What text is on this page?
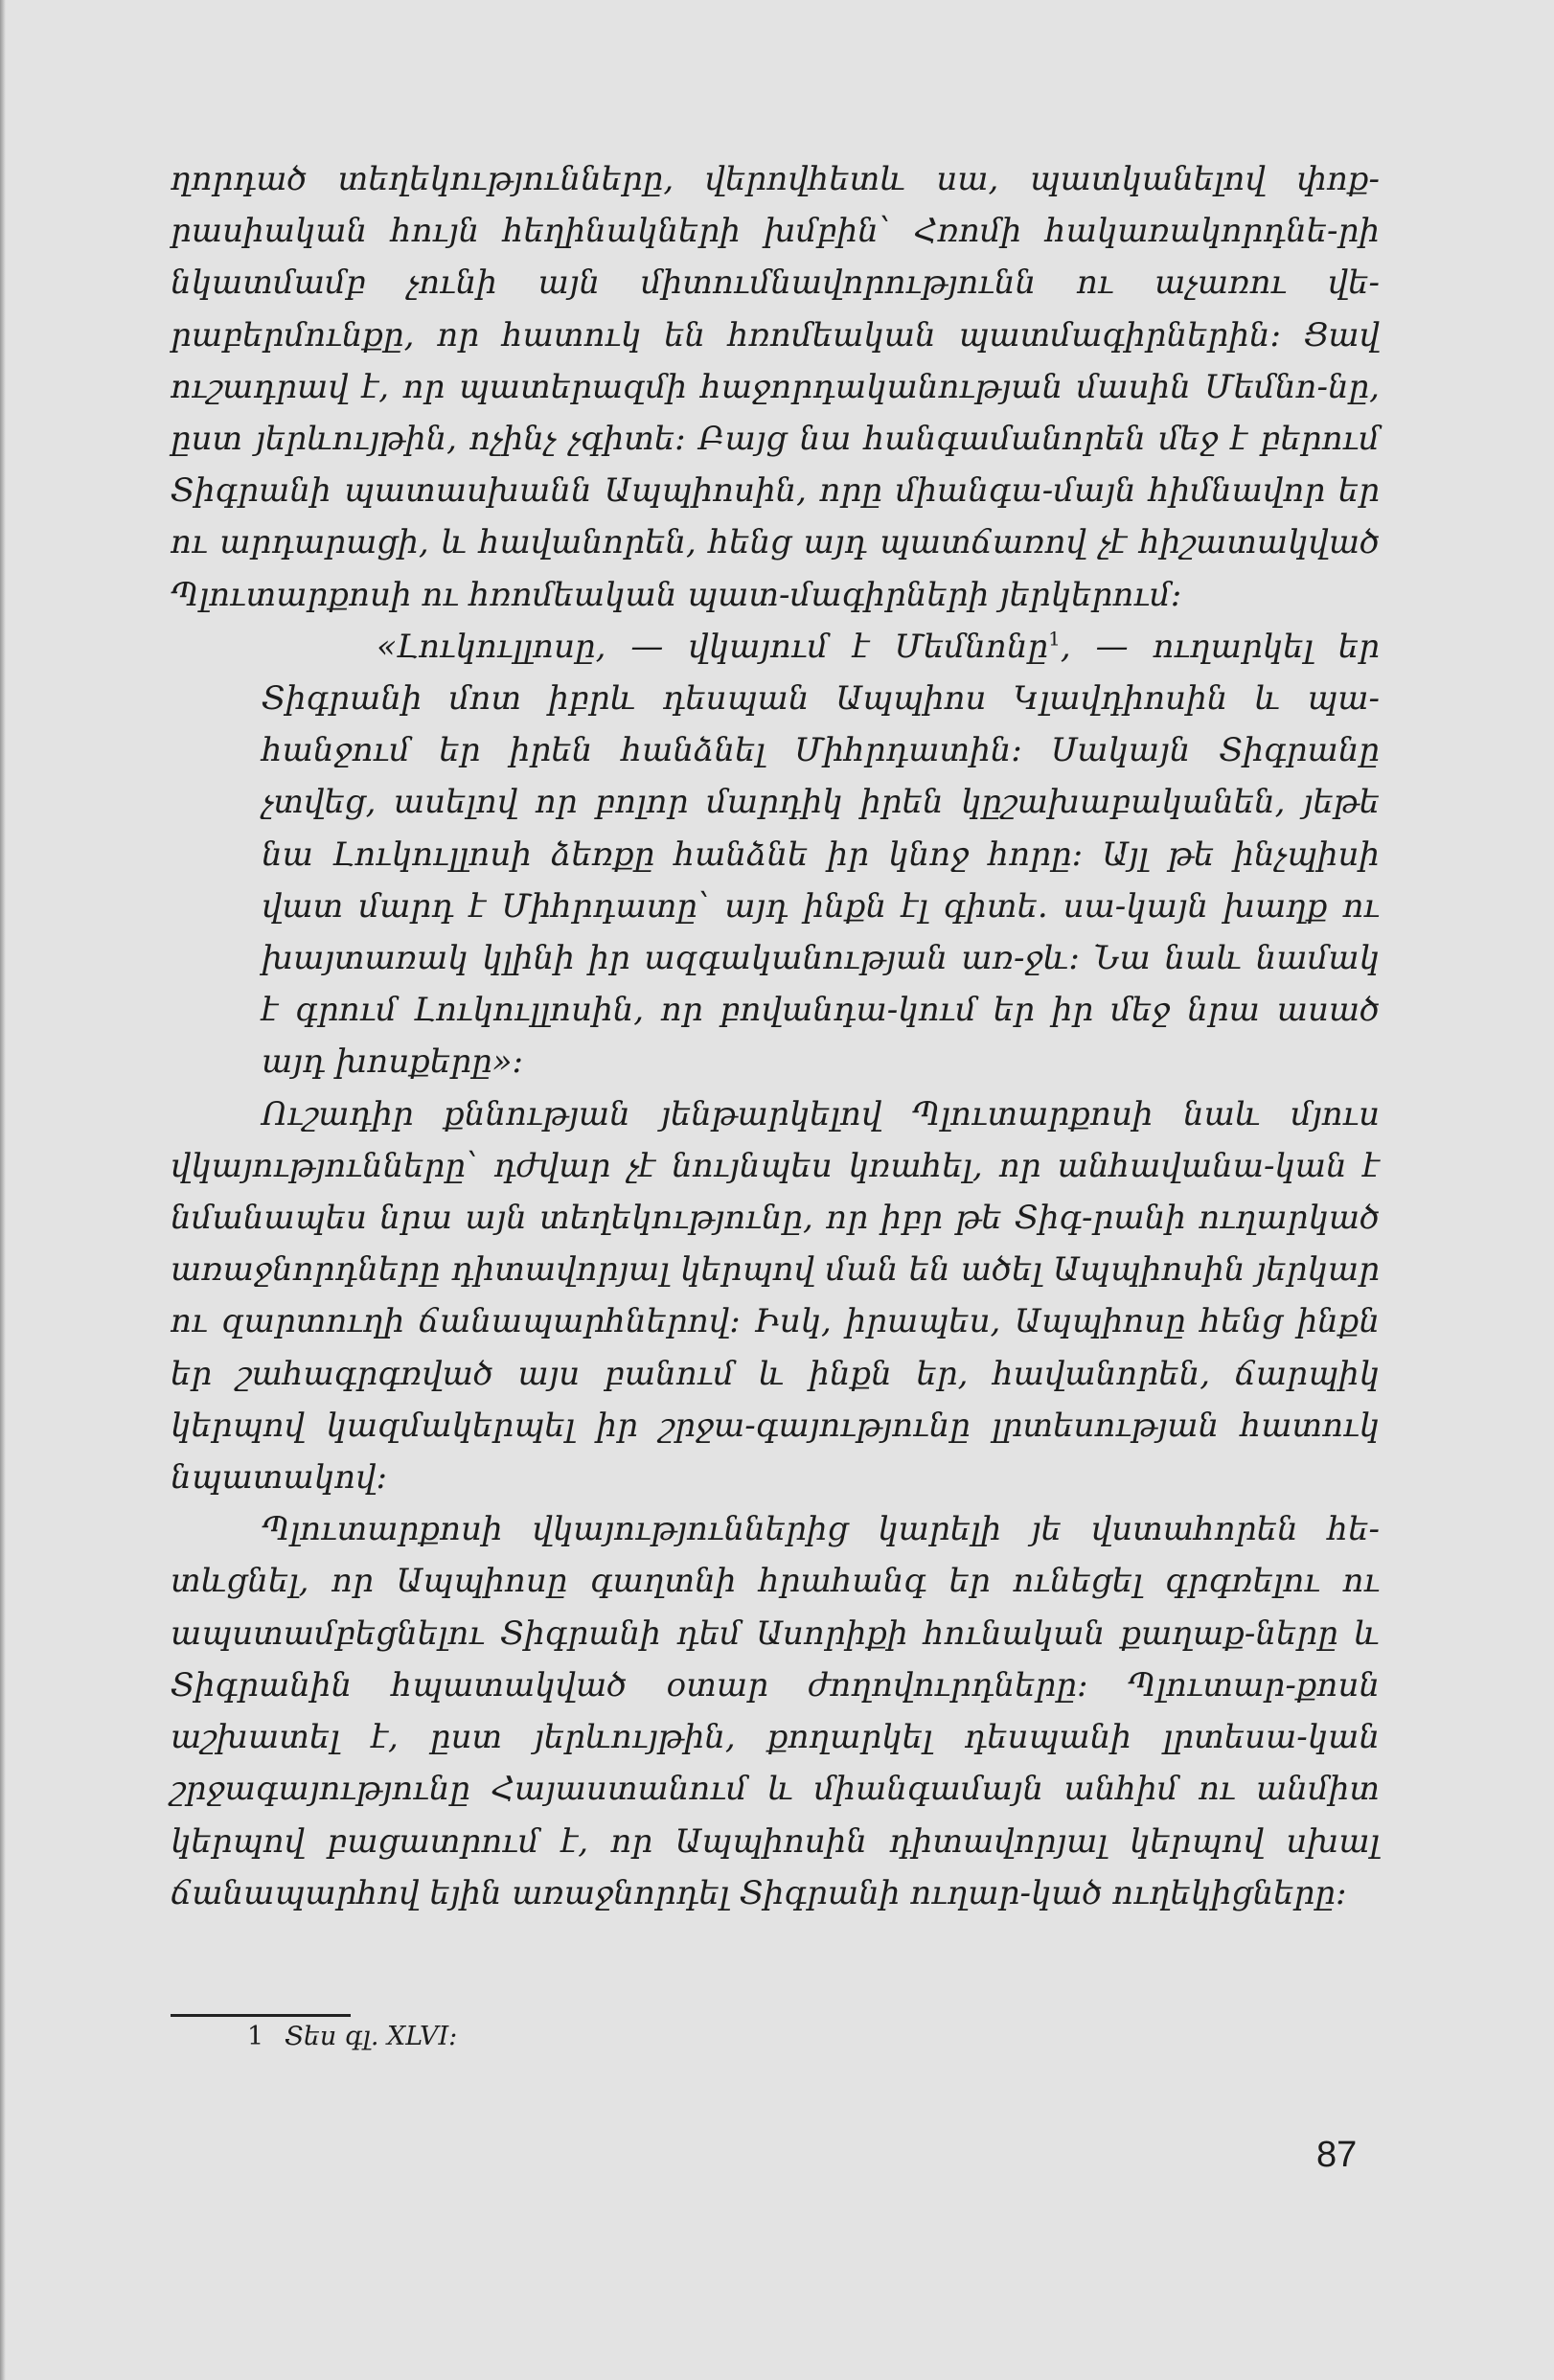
ղորդած տեղեկությունները, վերովհետև սա, պատկանելով փոք-րասիական հույն հեղինակների խմբին՝ Հռոմի հակառակորդնե-րի նկատմամբ չունի այն միտումնավորությունն ու աչառու վե-րաբերմունքը, որ հատուկ են հռոմեական պատմագիրներին։ Ցավ ուշադրավ է, որ պատերազմի հաջորդականության մասին Մեմնո-նը, ըստ յերևույթին, ոչինչ չգիտե։ Բայց նա հանգամանորեն մեջ է բերում Տիգրանի պատասխանն Ապպիոսին, որը միանգա-մայն հիմնավոր եր ու արդարացի, և հավանորեն, հենց այդ պատճառով չէ հիշատակված Պլուտարքոսի ու հռոմեական պատ-մագիրների յերկերում։

«Լուկուլլոսը, — վկայում է Մեմնոնը$^1$, — ուղարկել եր Տիգրանի մոտ իբրև դեսպան Ապպիոս Կլավդիոսին և պա-հանջում եր իրեն հանձնել Միհրդատին։ Սակայն Տիգրանը չտվեց, ասելով որ բոլոր մարդիկ իրեն կըշախաբականեն, յեթե նա Լուկուլլոսի ձեռքը հանձնե իր կնոջ հորը։ Այլ թե ինչպիսի վատ մարդ է Միհրդատը՝ այդ ինքն էլ գիտե. սա-կայն խաղք ու խայտառակ կլինի իր ազգականության առ-ջև։ Նա նաև նամակ է գրում Լուկուլլոսին, որ բովանդա-կում եր իր մեջ նրա ասած այդ խոսքերը»։

Ուշադիր քննության յենթարկելով Պլուտարքոսի նաև մյուս վկայությունները՝ դժվար չէ նույնպես կռահել, որ անհավանա-կան է նմանապես նրա այն տեղեկությունը, որ իբր թե Տիգ-րանի ուղարկած առաջնորդները դիտավորյալ կերպով ման են ածել Ապպիոսին յերկար ու զարտուղի ճանապարհներով։ Իսկ, իրապես, Ապպիոսը հենց ինքն եր շահագրգռված այս բանում և ինքն եր, հավանորեն, ճարպիկ կերպով կազմակերպել իր շրջա-գայությունը լրտեսության հատուկ նպատակով։

Պլուտարքոսի վկայություններից կարելի յե վստահորեն հե-տևցնել, որ Ապպիոսը գաղտնի հրահանգ եր ունեցել գրգռելու ու ապստամբեցնելու Տիգրանի դեմ Ասորիքի հունական քաղաք-ները և Տիգրանին հպատակված օտար ժողովուրդները։ Պլուտար-քոսն աշխատել է, ըստ յերևույթին, քողարկել դեսպանի լրտեսա-կան շրջագայությունը Հայաստանում և միանգամայն անհիմ ու անմիտ կերպով բացատրում է, որ Ապպիոսին դիտավորյալ կերպով սխալ ճանապարհով եյին առաջնորդել Տիգրանի ուղար-կած ուղեկիցները։

1 Տես գլ. XLVI։
87
